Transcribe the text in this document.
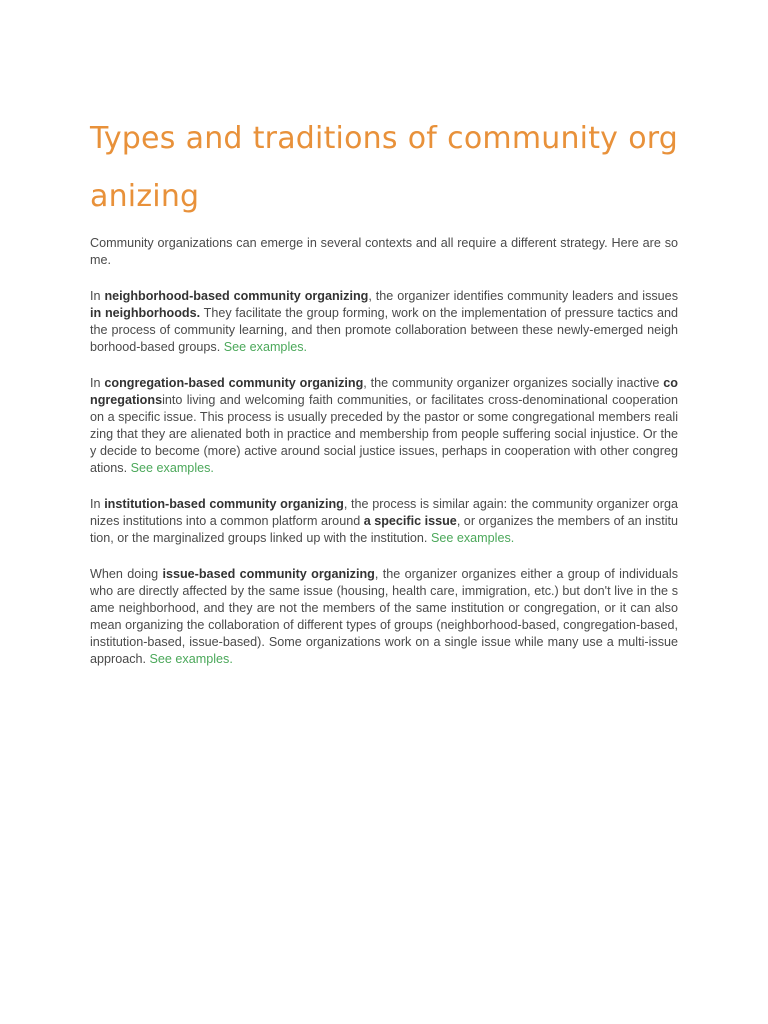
Types and traditions of community organizing

Community organizations can emerge in several contexts and all require a different strategy. Here are some.

In neighborhood-based community organizing, the organizer identifies community leaders and issues in neighborhoods. They facilitate the group forming, work on the implementation of pressure tactics and the process of community learning, and then promote collaboration between these newly-emerged neighborhood-based groups. See examples.

In congregation-based community organizing, the community organizer organizes socially inactive congregationsinto living and welcoming faith communities, or facilitates cross-denominational cooperation on a specific issue. This process is usually preceded by the pastor or some congregational members realizing that they are alienated both in practice and membership from people suffering social injustice. Or they decide to become (more) active around social justice issues, perhaps in cooperation with other congregations. See examples.

In institution-based community organizing, the process is similar again: the community organizer organizes institutions into a common platform around a specific issue, or organizes the members of an institution, or the marginalized groups linked up with the institution. See examples.

When doing issue-based community organizing, the organizer organizes either a group of individuals who are directly affected by the same issue (housing, health care, immigration, etc.) but don't live in the same neighborhood, and they are not the members of the same institution or congregation, or it can also mean organizing the collaboration of different types of groups (neighborhood-based, congregation-based, institution-based, issue-based). Some organizations work on a single issue while many use a multi-issue approach. See examples.
